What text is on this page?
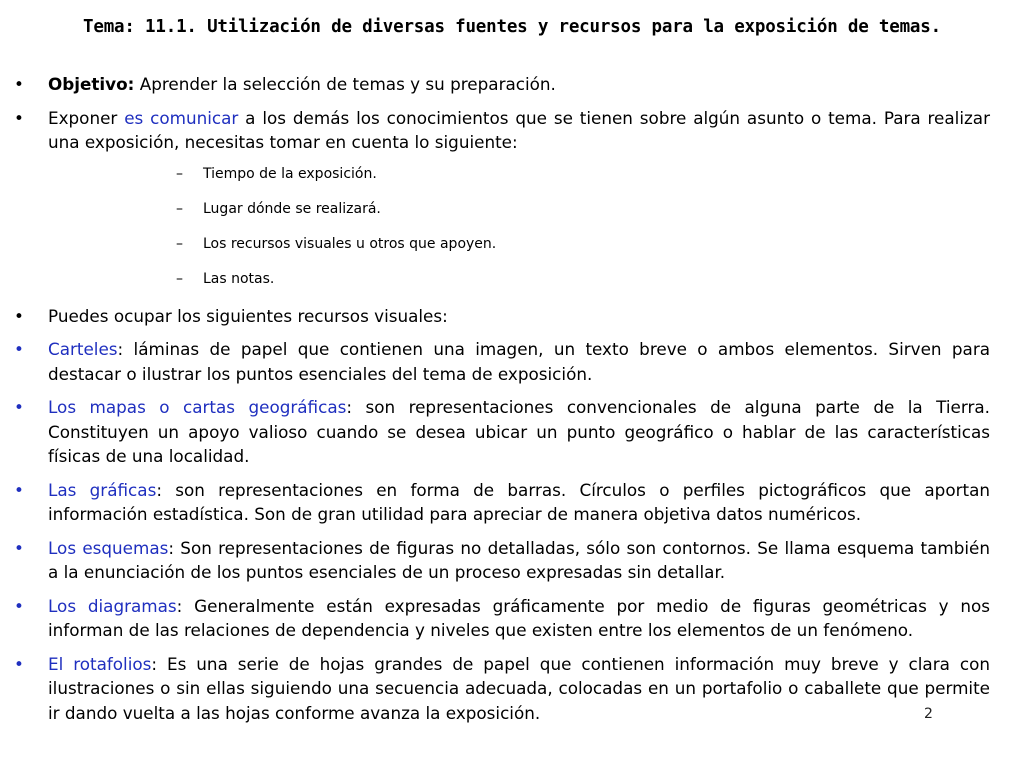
Tema: 11.1. Utilización de diversas fuentes y recursos para la exposición de temas.
•	Objetivo: Aprender la selección de temas y su preparación.
•	Exponer es comunicar a los demás los conocimientos que se tienen sobre algún asunto o tema. Para realizar una exposición, necesitas tomar en cuenta lo siguiente:
– Tiempo de la exposición.
– Lugar dónde se realizará.
– Los recursos visuales u otros que apoyen.
– Las notas.
•	Puedes ocupar los siguientes recursos visuales:
•	Carteles: láminas de papel que contienen una imagen, un texto breve o ambos elementos. Sirven para destacar o ilustrar los puntos esenciales del tema de exposición.
•	Los mapas o cartas geográficas: son representaciones convencionales de alguna parte de la Tierra. Constituyen un apoyo valioso cuando se desea ubicar un punto geográfico o hablar de las características físicas de una localidad.
•	Las gráficas: son representaciones en forma de barras. Círculos o perfiles pictográficos que aportan información estadística. Son de gran utilidad para apreciar de manera objetiva datos numéricos.
•	Los esquemas: Son representaciones de figuras no detalladas, sólo son contornos. Se llama esquema también a la enunciación de los puntos esenciales de un proceso expresadas sin detallar.
•	Los diagramas: Generalmente están expresadas gráficamente por medio de figuras geométricas y nos informan de las relaciones de dependencia y niveles que existen entre los elementos de un fenómeno.
•	El rotafolios: Es una serie de hojas grandes de papel que contienen información muy breve y clara con ilustraciones o sin ellas siguiendo una secuencia adecuada, colocadas en un portafolio o caballete que permite ir dando vuelta a las hojas conforme avanza la exposición.	2
